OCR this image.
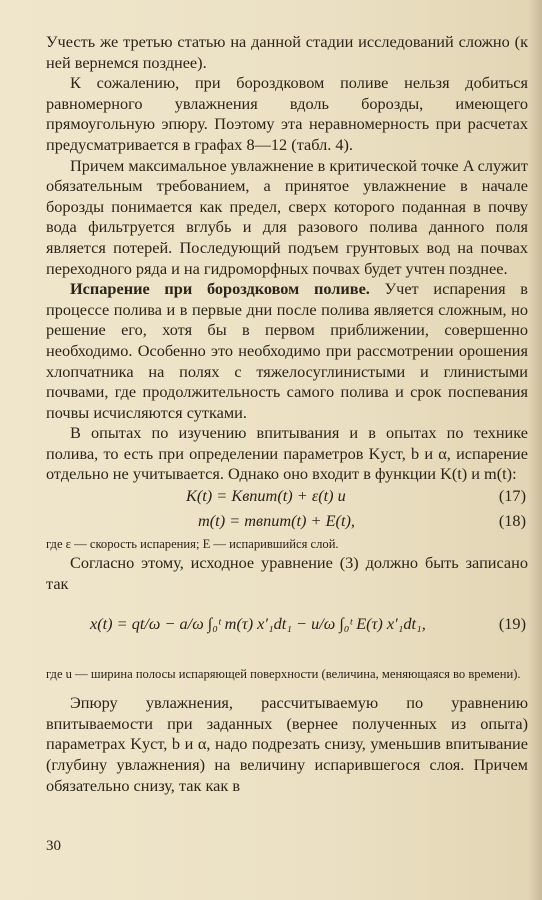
Учесть же третью статью на данной стадии исследований сложно (к ней вернемся позднее).

К сожалению, при бороздковом поливе нельзя добиться равномерного увлажнения вдоль борозды, имеющего прямоугольную эпюру. Поэтому эта неравномерность при расчетах предусматривается в графах 8—12 (табл. 4).

Причем максимальное увлажнение в критической точке A служит обязательным требованием, а принятое увлажнение в начале борозды понимается как предел, сверх которого поданная в почву вода фильтруется вглубь и для разового полива данного поля является потерей. Последующий подъем грунтовых вод на почвах переходного ряда и на гидроморфных почвах будет учтен позднее.

Испарение при бороздковом поливе. Учет испарения в процессе полива и в первые дни после полива является сложным, но решение его, хотя бы в первом приближении, совершенно необходимо. Особенно это необходимо при рассмотрении орошения хлопчатника на полях с тяжелосуглинистыми и глинистыми почвами, где продолжительность самого полива и срок поспевания почвы исчисляются сутками.

В опытах по изучению впитывания и в опытах по технике полива, то есть при определении параметров Kуст, b и α, испарение отдельно не учитывается. Однако оно входит в функции K(t) и m(t):

K(t) = Kвпит(t) + ε(t) и	(17)
m(t) = mвпит(t) + E(t),	(18)

где ε — скорость испарения; E — испарившийся слой.

Согласно этому, исходное уравнение (3) должно быть записано так

x(t) = qt/ω − a/ω ∫₀ᵗ m(τ) x′₁dt₁ − u/ω ∫₀ᵗ E(τ) x′₁dt₁,	(19)

где u — ширина полосы испаряющей поверхности (величина, меняющаяся во времени).

Эпюру увлажнения, рассчитываемую по уравнению впитываемости при заданных (вернее полученных из опыта) параметрах Kуст, b и α, надо подрезать снизу, уменьшив впитывание (глубину увлажнения) на величину испарившегося слоя. Причем обязательно снизу, так как в

30
